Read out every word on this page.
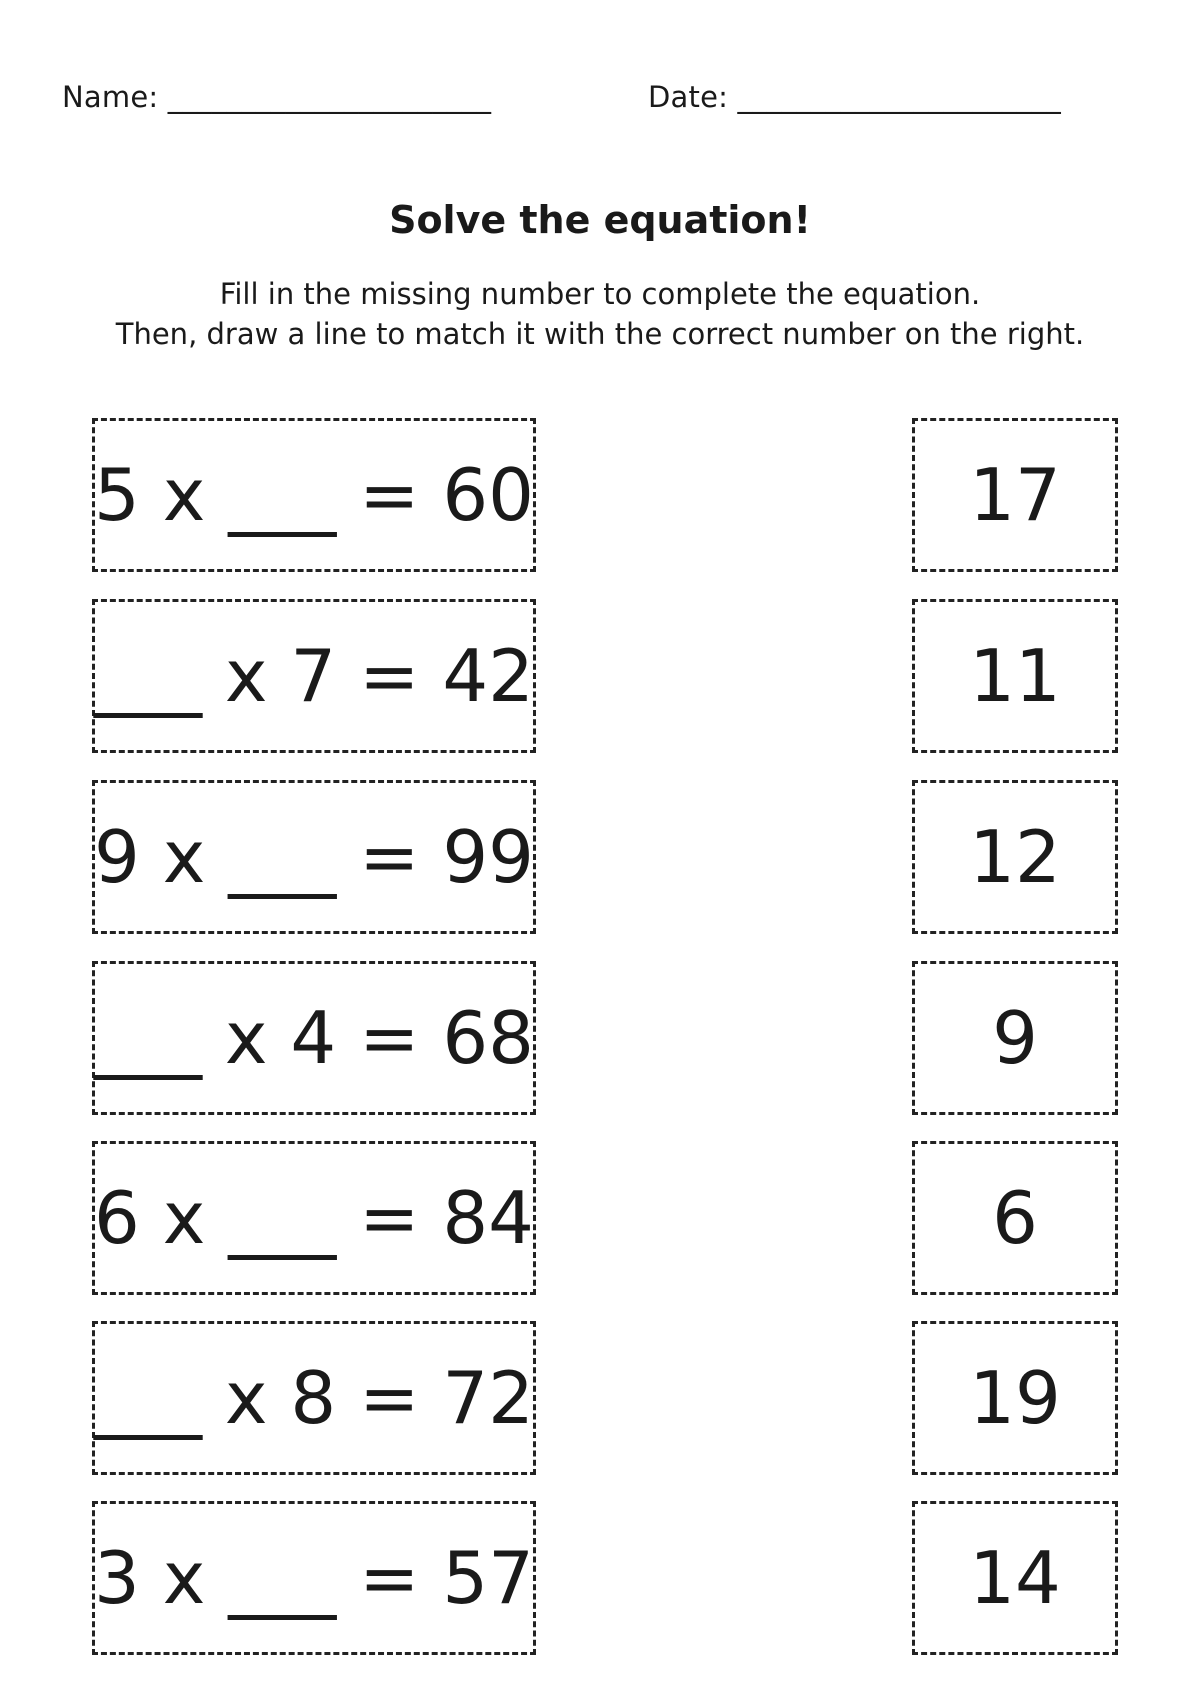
Name: ______________________	Date: ______________________
Solve the equation!
Fill in the missing number to complete the equation.
Then, draw a line to match it with the correct number on the right.
5 x ___ = 60
___ x 7 = 42
9 x ___ = 99
___ x 4 = 68
6 x ___ = 84
___ x 8 = 72
3 x ___ = 57
17
11
12
9
6
19
14
